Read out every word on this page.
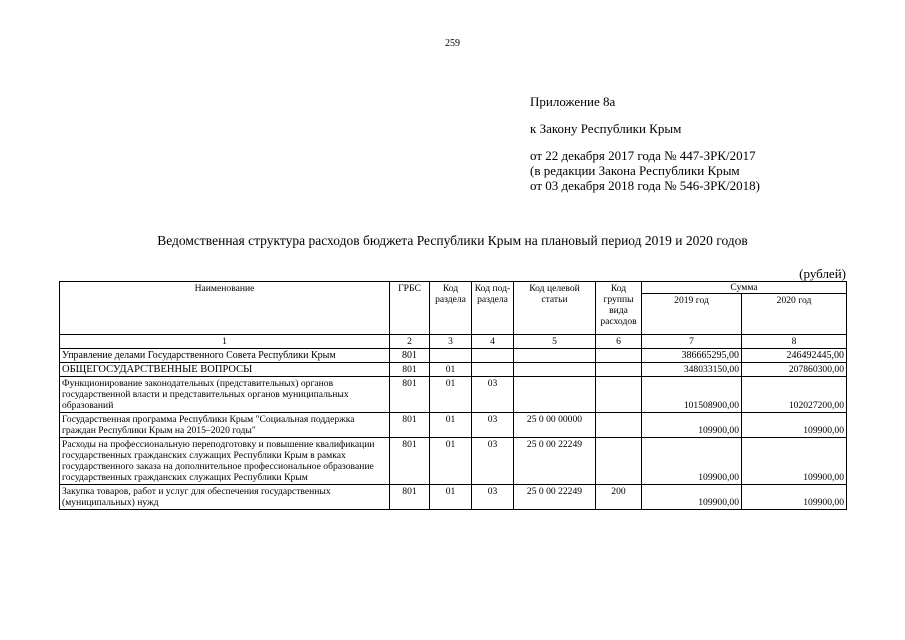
259
Приложение 8а
к Закону Республики Крым
от 22 декабря 2017 года № 447-ЗРК/2017
(в редакции Закона Республики Крым
от 03 декабря 2018 года № 546-ЗРК/2018)
Ведомственная структура расходов бюджета Республики Крым на плановый период 2019 и 2020 годов
(рублей)
Наименование	ГРБС	Код раздела	Код под-раздела	Код целевой статьи	Код группы вида расходов	Сумма	
						2019 год	2020 год
1	2	3	4	5	6	7	8
Управление делами Государственного Совета Республики Крым	801					386665295,00	246492445,00
ОБЩЕГОСУДАРСТВЕННЫЕ ВОПРОСЫ	801	01				348033150,00	207860300,00
Функционирование законодательных (представительных) органов государственной власти и представительных органов муниципальных образований	801	01	03			101508900,00	102027200,00
Государственная программа Республики Крым "Социальная поддержка граждан Республики Крым на 2015–2020 годы"	801	01	03	25 0 00 00000		109900,00	109900,00
Расходы на профессиональную переподготовку и повышение квалификации государственных гражданских служащих Республики Крым в рамках государственного заказа на дополнительное профессиональное образование государственных гражданских служащих Республики Крым	801	01	03	25 0 00 22249		109900,00	109900,00
Закупка товаров, работ и услуг для обеспечения государственных (муниципальных) нужд	801	01	03	25 0 00 22249	200	109900,00	109900,00
